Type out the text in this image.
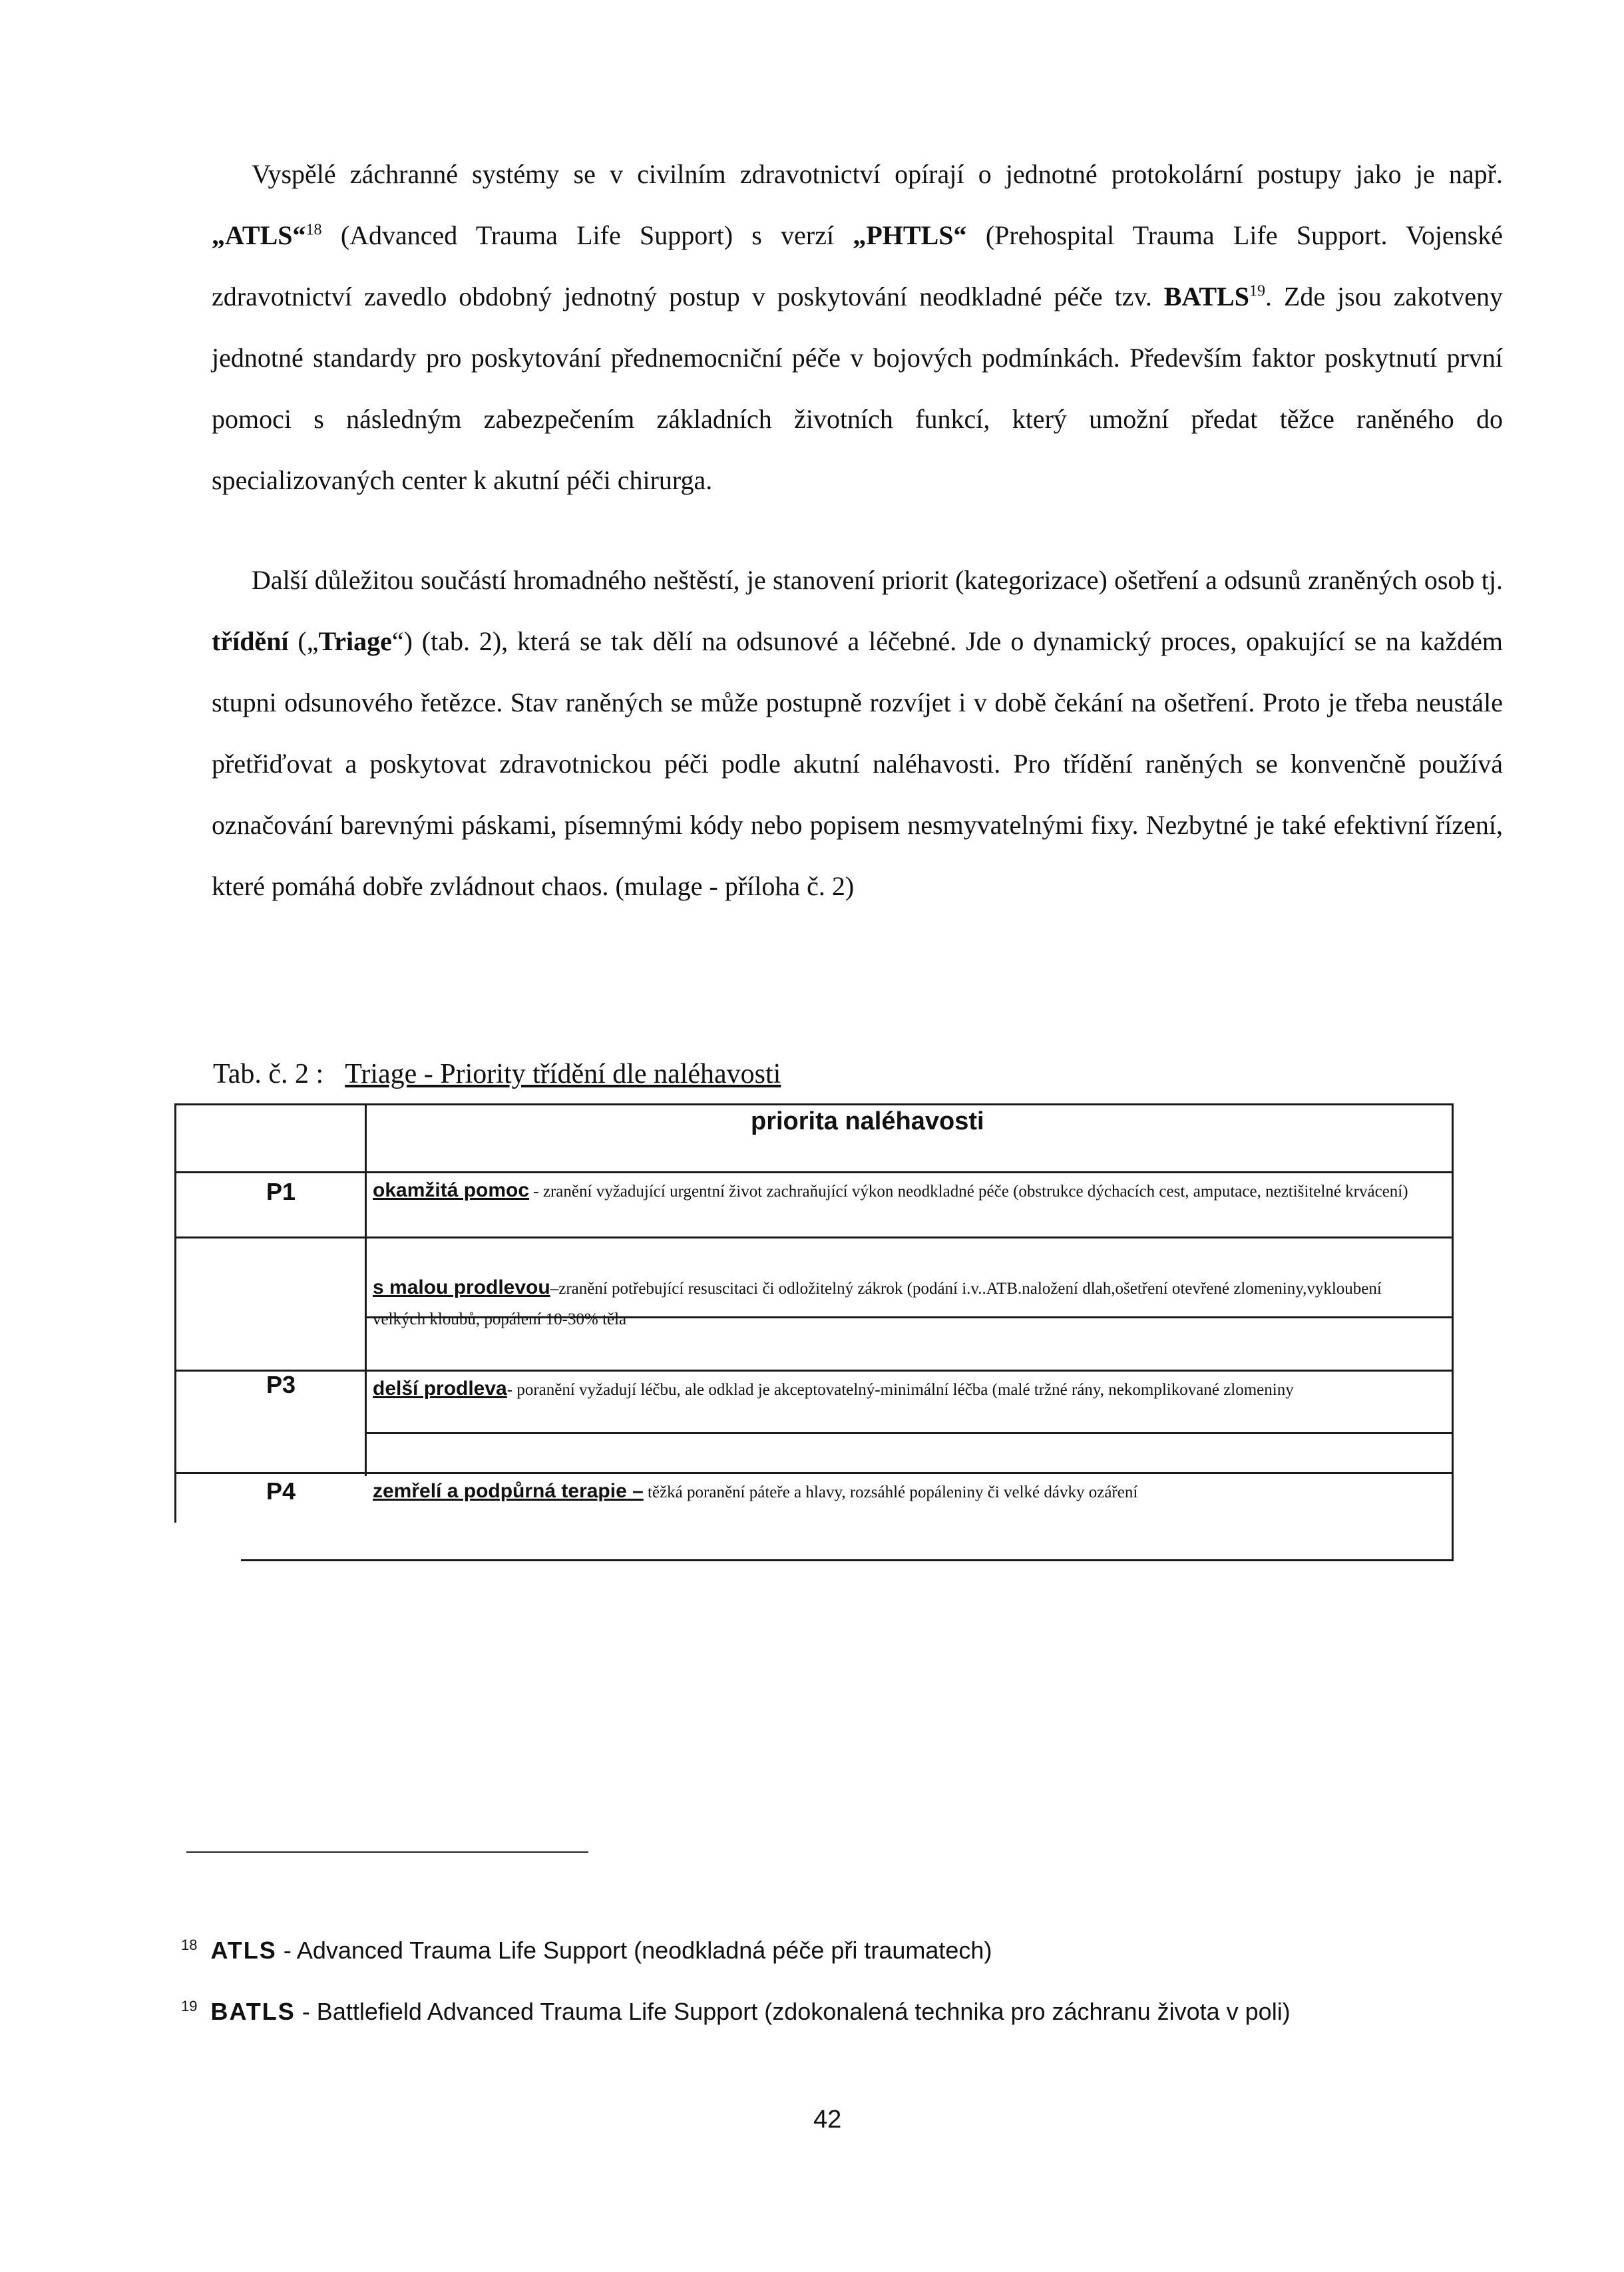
Vyspělé záchranné systémy se v civilním zdravotnictví opírají o jednotné protokolární postupy jako je např. „ATLS“$^{18}$ (Advanced Trauma Life Support) s verzí „PHTLS“ (Prehospital Trauma Life Support. Vojenské zdravotnictví zavedlo obdobný jednotný postup v poskytování neodkladné péče tzv. BATLS$^{19}$. Zde jsou zakotveny jednotné standardy pro poskytování přednemocniční péče v bojových podmínkách. Především faktor poskytnutí první pomoci s následným zabezpečením základních životních funkcí, který umožní předat těžce raněného do specializovaných center k akutní péči chirurga.

Další důležitou součástí hromadného neštěstí, je stanovení priorit (kategorizace) ošetření a odsunů zraněných osob tj. třídění („Triage“) (tab. 2), která se tak dělí na odsunové a léčebné. Jde o dynamický proces, opakující se na každém stupni odsunového řetězce. Stav raněných se může postupně rozvíjet i v době čekání na ošetření. Proto je třeba neustále přetřiďovat a poskytovat zdravotnickou péči podle akutní naléhavosti. Pro třídění raněných se konvenčně používá označování barevnými páskami, písemnými kódy nebo popisem nesmyvatelnými fixy. Nezbytné je také efektivní řízení, které pomáhá dobře zvládnout chaos. (mulage - příloha č. 2)

Tab. č. 2 : Triage - Priority třídění dle naléhavosti
priorita naléhavosti
P1
P3
P4
okamžitá pomoc - zranění vyžadující urgentní život zachraňující výkon neodkladné péče (obstrukce dýchacích cest, amputace, neztišitelné krvácení)
s malou prodlevou–zranění potřebující resuscitaci či odložitelný zákrok (podání i.v..ATB.naložení dlah,ošetření otevřené zlomeniny,vykloubení velkých kloubů, popálení 10-30% těla
delší prodleva- poranění vyžadují léčbu, ale odklad je akceptovatelný-minimální léčba (malé tržné rány, nekomplikované zlomeniny
zemřelí a podpůrná terapie – těžká poranění páteře a hlavy, rozsáhlé popáleniny či velké dávky ozáření
$^{18}$ ATLS - Advanced Trauma Life Support (neodkladná péče při traumatech)
$^{19}$ BATLS - Battlefield Advanced Trauma Life Support (zdokonalená technika pro záchranu života v poli)
42
